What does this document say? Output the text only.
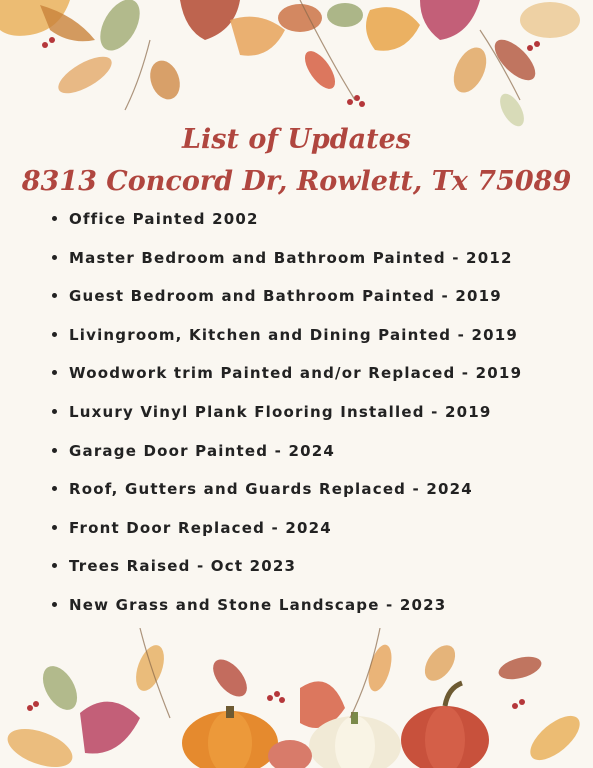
List of Updates
8313 Concord Dr, Rowlett, Tx 75089
Office Painted 2002
Master Bedroom and Bathroom Painted - 2012
Guest Bedroom and Bathroom Painted - 2019
Livingroom, Kitchen and Dining Painted - 2019
Woodwork trim Painted and/or Replaced - 2019
Luxury Vinyl Plank Flooring Installed - 2019
Garage Door Painted - 2024
Roof, Gutters and Guards Replaced - 2024
Front Door Replaced - 2024
Trees Raised - Oct 2023
New Grass and Stone Landscape - 2023
